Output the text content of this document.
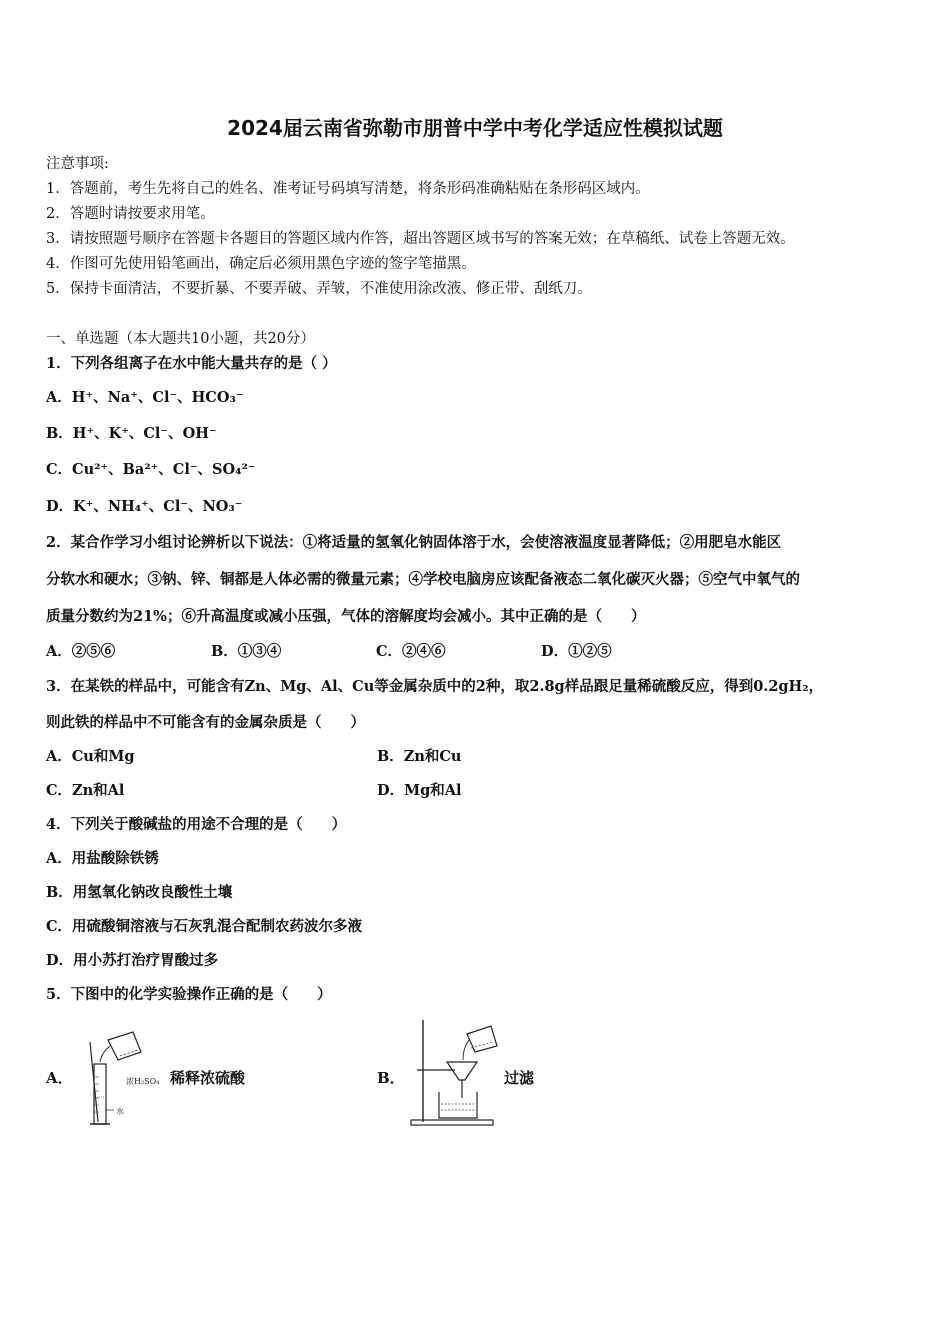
2024届云南省弥勒市朋普中学中考化学适应性模拟试题
注意事项:
1．答题前，考生先将自己的姓名、准考证号码填写清楚，将条形码准确粘贴在条形码区域内。
2．答题时请按要求用笔。
3．请按照题号顺序在答题卡各题目的答题区域内作答，超出答题区域书写的答案无效；在草稿纸、试卷上答题无效。
4．作图可先使用铅笔画出，确定后必须用黑色字迹的签字笔描黑。
5．保持卡面清洁，不要折暴、不要弄破、弄皱，不准使用涂改液、修正带、刮纸刀。
一、单选题（本大题共10小题，共20分）
1．下列各组离子在水中能大量共存的是（ ）
A．H⁺、Na⁺、Cl⁻、HCO₃⁻
B．H⁺、K⁺、Cl⁻、OH⁻
C．Cu²⁺、Ba²⁺、Cl⁻、SO₄²⁻
D．K⁺、NH₄⁺、Cl⁻、NO₃⁻
2．某合作学习小组讨论辨析以下说法：①将适量的氢氧化钠固体溶于水，会使溶液温度显著降低；②用肥皂水能区
分软水和硬水；③钠、锌、铜都是人体必需的微量元素；④学校电脑房应该配备液态二氧化碳灭火器；⑤空气中氧气的
质量分数约为21%；⑥升高温度或减小压强，气体的溶解度均会减小。其中正确的是（　　）
A．②⑤⑥	B．①③④	C．②④⑥	D．①②⑤
3．在某铁的样品中，可能含有Zn、Mg、Al、Cu等金属杂质中的2种，取2.8g样品跟足量稀硫酸反应，得到0.2gH₂，
则此铁的样品中不可能含有的金属杂质是（　　）
A．Cu和Mg	B．Zn和Cu
C．Zn和Al	D．Mg和Al
4．下列关于酸碱盐的用途不合理的是（　　）
A．用盐酸除铁锈
B．用氢氧化钠改良酸性土壤
C．用硫酸铜溶液与石灰乳混合配制农药波尔多液
D．用小苏打治疗胃酸过多
5．下图中的化学实验操作正确的是（　　）
A．	浓H₂SO₄
水
稀释浓硫酸	B．	过滤
